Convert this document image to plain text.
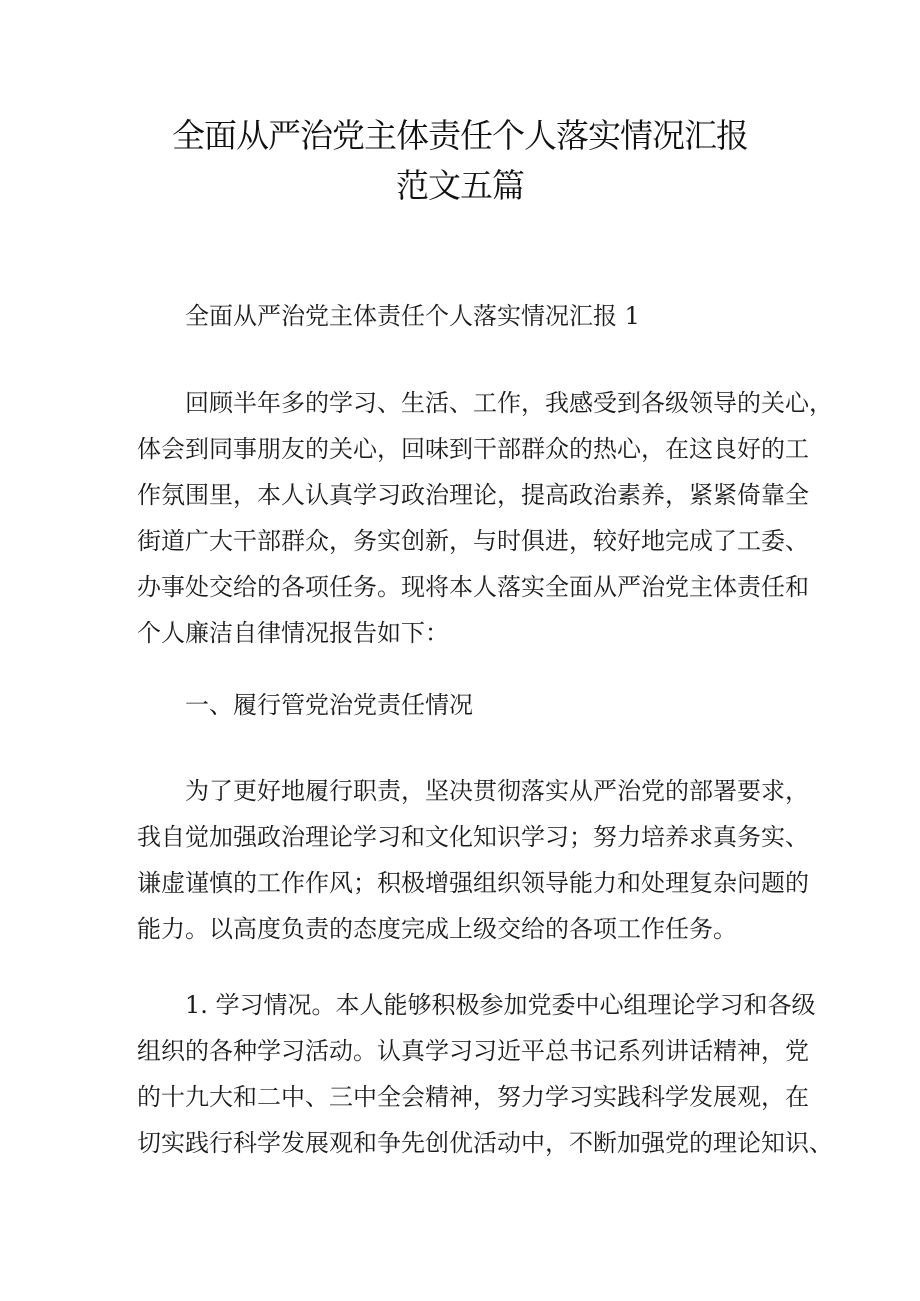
全面从严治党主体责任个人落实情况汇报
范文五篇
全面从严治党主体责任个人落实情况汇报 1
回顾半年多的学习、生活、工作，我感受到各级领导的关心，
体会到同事朋友的关心，回味到干部群众的热心，在这良好的工
作氛围里，本人认真学习政治理论，提高政治素养，紧紧倚靠全
街道广大干部群众，务实创新，与时俱进，较好地完成了工委、
办事处交给的各项任务。现将本人落实全面从严治党主体责任和
个人廉洁自律情况报告如下：
一、履行管党治党责任情况
为了更好地履行职责，坚决贯彻落实从严治党的部署要求，
我自觉加强政治理论学习和文化知识学习；努力培养求真务实、
谦虚谨慎的工作作风；积极增强组织领导能力和处理复杂问题的
能力。以高度负责的态度完成上级交给的各项工作任务。
1. 学习情况。本人能够积极参加党委中心组理论学习和各级
组织的各种学习活动。认真学习习近平总书记系列讲话精神，党
的十九大和二中、三中全会精神，努力学习实践科学发展观，在
切实践行科学发展观和争先创优活动中，不断加强党的理论知识、
